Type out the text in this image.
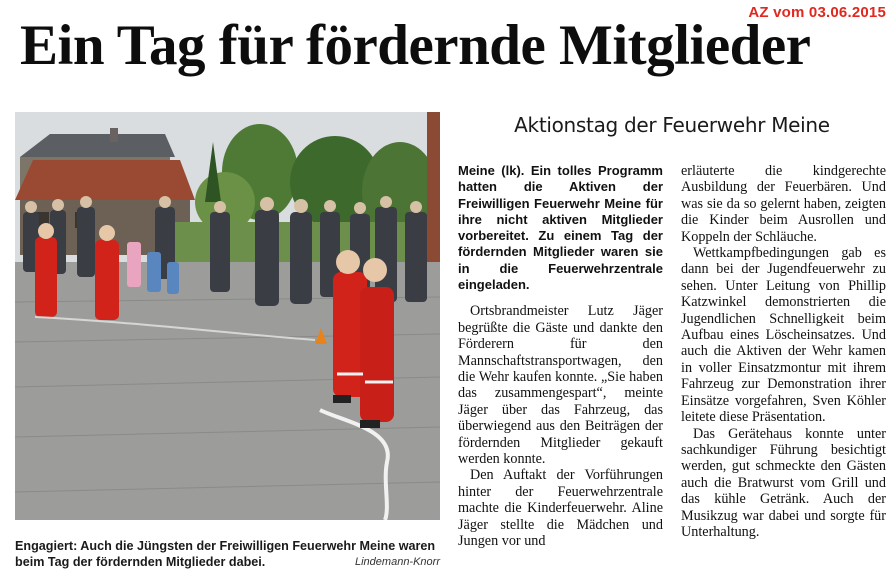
AZ vom 03.06.2015
Ein Tag für fördernde Mitglieder
Engagiert: Auch die Jüngsten der Freiwilligen Feuerwehr Meine waren beim Tag der fördernden Mitglieder dabei.	Lindemann-Knorr
Aktionstag der Feuerwehr Meine

Meine (lk). Ein tolles Programm hatten die Aktiven der Freiwilligen Feuerwehr Meine für ihre nicht aktiven Mitglieder vorbereitet. Zu einem Tag der fördernden Mitglieder waren sie in die Feuerwehrzentrale eingeladen.

Ortsbrandmeister Lutz Jäger begrüßte die Gäste und dankte den Förderern für den Mannschaftstransportwagen, den die Wehr kaufen konnte. „Sie haben das zusammengespart“, meinte Jäger über das Fahrzeug, das überwiegend aus den Beiträgen der fördernden Mitglieder gekauft werden konnte.

Den Auftakt der Vorführungen hinter der Feuerwehrzentrale machte die Kinderfeuerwehr. Aline Jäger stellte die Mädchen und Jungen vor und

erläuterte die kindgerechte Ausbildung der Feuerbären. Und was sie da so gelernt haben, zeigten die Kinder beim Ausrollen und Koppeln der Schläuche.

Wettkampfbedingungen gab es dann bei der Jugendfeuerwehr zu sehen. Unter Leitung von Phillip Katzwinkel demonstrierten die Jugendlichen Schnelligkeit beim Aufbau eines Löscheinsatzes. Und auch die Aktiven der Wehr kamen in voller Einsatzmontur mit ihrem Fahrzeug zur Demonstration ihrer Einsätze vorgefahren, Sven Köhler leitete diese Präsentation.

Das Gerätehaus konnte unter sachkundiger Führung besichtigt werden, gut schmeckte den Gästen auch die Bratwurst vom Grill und das kühle Getränk. Auch der Musikzug war dabei und sorgte für Unterhaltung.
